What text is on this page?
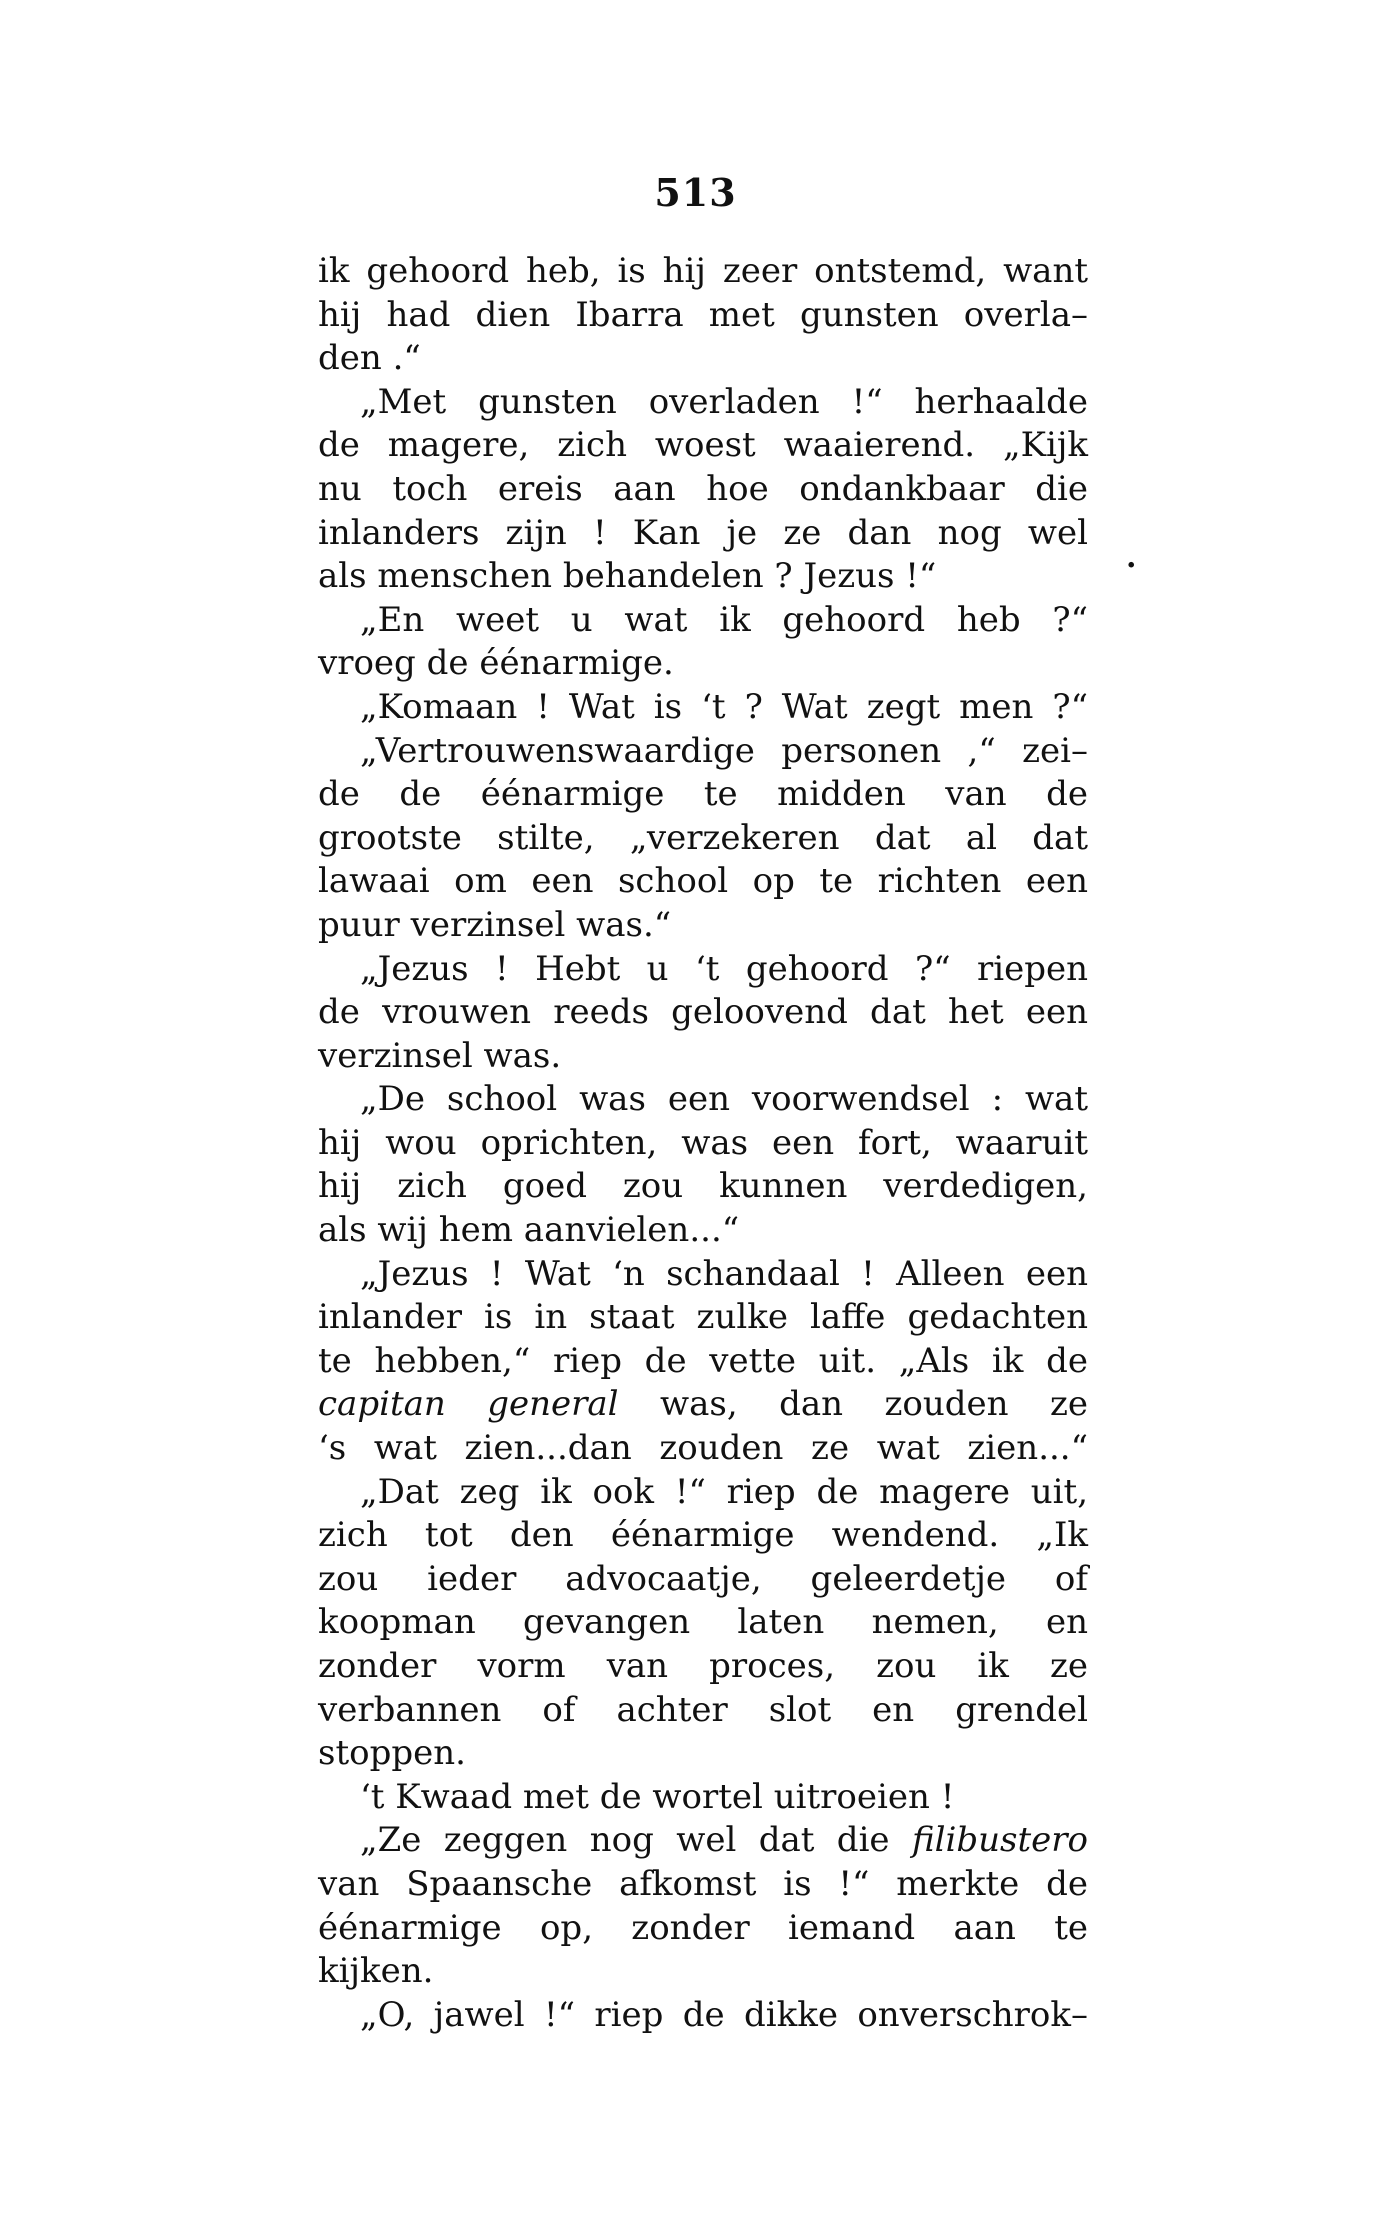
513
.
ik gehoord heb, is hij zeer ontstemd, want
hij had dien Ibarra met gunsten overla–
den .“
„Met gunsten overladen !“ herhaalde
de magere, zich woest waaierend. „Kijk
nu toch ereis aan hoe ondankbaar die
inlanders zijn ! Kan je ze dan nog wel
als menschen behandelen ? Jezus !“
„En weet u wat ik gehoord heb ?“
vroeg de éénarmige.
„Komaan ! Wat is ‘t ? Wat zegt men ?“
„Vertrouwenswaardige personen ,“ zei–
de de éénarmige te midden van de
grootste stilte, „verzekeren dat al dat
lawaai om een school op te richten een
puur verzinsel was.“
„Jezus ! Hebt u ‘t gehoord ?“ riepen
de vrouwen reeds geloovend dat het een
verzinsel was.
„De school was een voorwendsel : wat
hij wou oprichten, was een fort, waaruit
hij zich goed zou kunnen verdedigen,
als wij hem aanvielen...“
„Jezus ! Wat ‘n schandaal ! Alleen een
inlander is in staat zulke laffe gedachten
te hebben,“ riep de vette uit. „Als ik de
capitan general was, dan zouden ze
‘s wat zien...dan zouden ze wat zien...“
„Dat zeg ik ook !“ riep de magere uit,
zich tot den éénarmige wendend. „Ik
zou ieder advocaatje, geleerdetje of
koopman gevangen laten nemen, en
zonder vorm van proces, zou ik ze
verbannen of achter slot en grendel
stoppen.
‘t Kwaad met de wortel uitroeien !
„Ze zeggen nog wel dat die filibustero
van Spaansche afkomst is !“ merkte de
éénarmige op, zonder iemand aan te
kijken.
„O, jawel !“ riep de dikke onverschrok–
